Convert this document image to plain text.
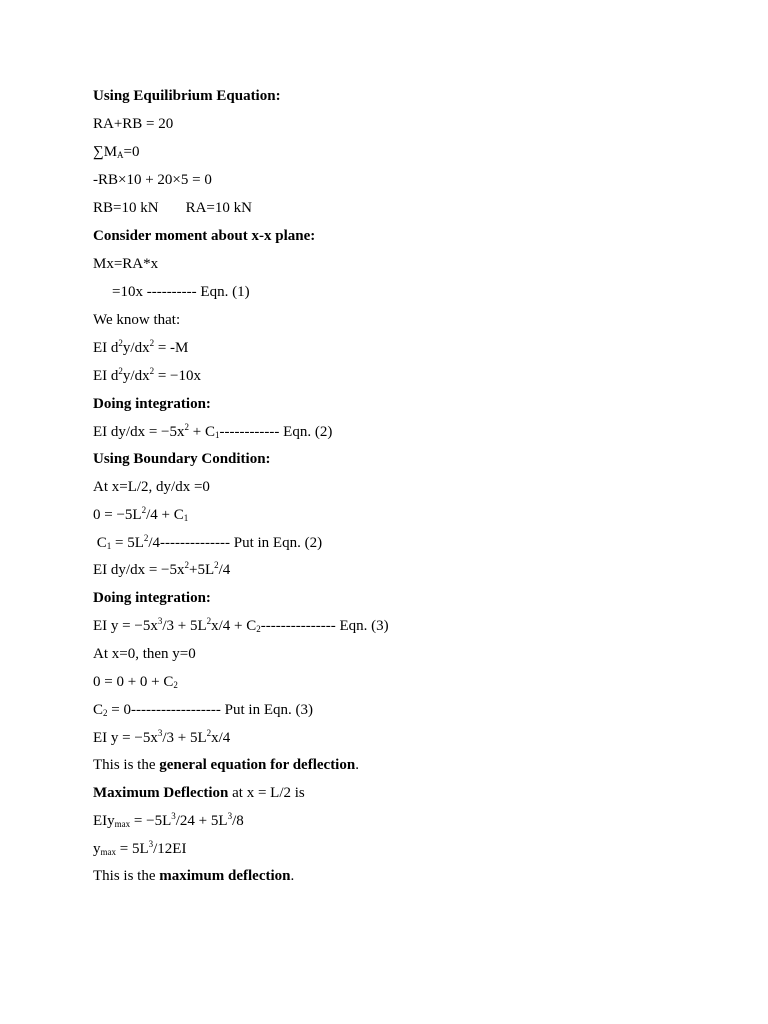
Using Equilibrium Equation:
RA+RB = 20
$\sum M_A=0$
-RB×10 + 20×5 = 0
RB=10 kN RA=10 kN
Consider moment about x-x plane:
Mx=RA*x
=10x ---------- Eqn. (1)
We know that:
EI $d^2y/dx^2 = -M$
EI $d^2y/dx^2 = -10x$
Doing integration:
EI $dy/dx = -5x^2 + C_1------------$ Eqn. (2)
Using Boundary Condition:
At x=L/2, dy/dx =0
$0 = -5L^2/4 + C_1$
$C_1 = 5L^2/4--------------$ Put in Eqn. (2)
EI $dy/dx = -5x^2+5L^2/4$
Doing integration:
EI $y = -5x^3/3 + 5L^2x/4 + C_2---------------$ Eqn. (3)
At x=0, then y=0
$0 = 0 + 0 + C_2$
$C_2 = 0------------------$ Put in Eqn. (3)
EI $y = -5x^3/3 + 5L^2x/4$
This is the general equation for deflection.
Maximum Deflection at x = L/2 is
$EIy_{max} = -5L^3/24 + 5L^3/8$
$y_{max} = 5L^3/12EI$
This is the maximum deflection.
